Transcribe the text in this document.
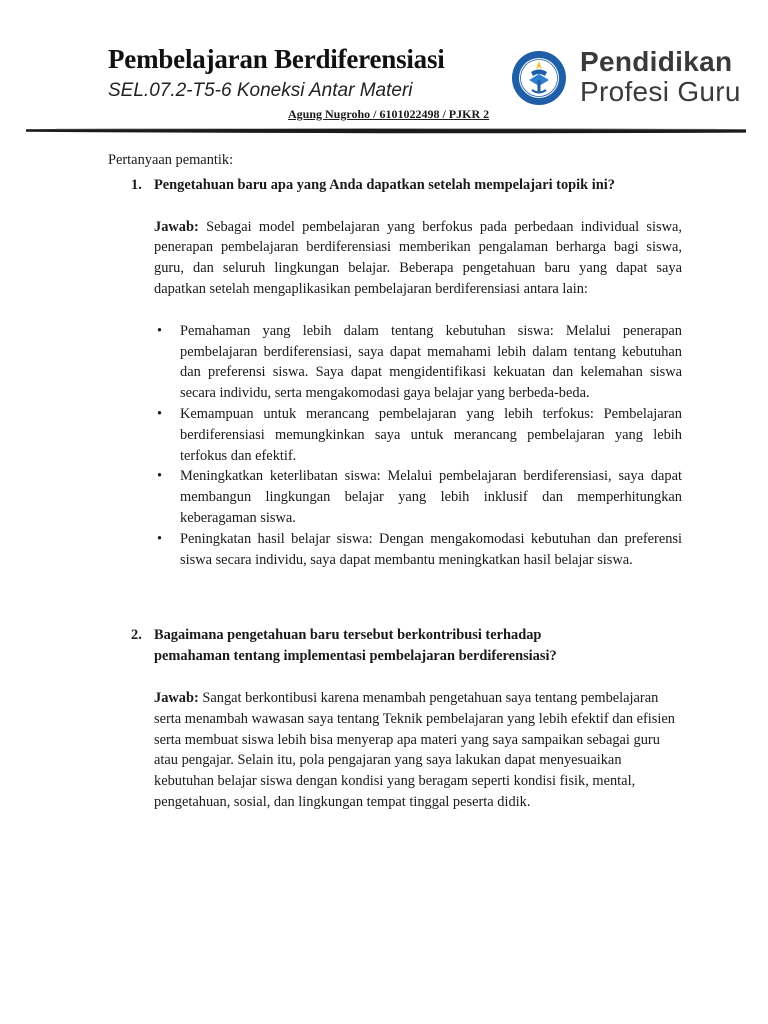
Pembelajaran Berdiferensiasi
SEL.07.2-T5-6 Koneksi Antar Materi
Agung Nugroho / 6101022498 / PJKR 2
Pendidikan
Profesi Guru
Pertanyaan pemantik:
1. Pengetahuan baru apa yang Anda dapatkan setelah mempelajari topik ini?
Jawab: Sebagai model pembelajaran yang berfokus pada perbedaan individual siswa, penerapan pembelajaran berdiferensiasi memberikan pengalaman berharga bagi siswa, guru, dan seluruh lingkungan belajar. Beberapa pengetahuan baru yang dapat saya dapatkan setelah mengaplikasikan pembelajaran berdiferensiasi antara lain:
• Pemahaman yang lebih dalam tentang kebutuhan siswa: Melalui penerapan pembelajaran berdiferensiasi, saya dapat memahami lebih dalam tentang kebutuhan dan preferensi siswa. Saya dapat mengidentifikasi kekuatan dan kelemahan siswa secara individu, serta mengakomodasi gaya belajar yang berbeda-beda.
• Kemampuan untuk merancang pembelajaran yang lebih terfokus: Pembelajaran berdiferensiasi memungkinkan saya untuk merancang pembelajaran yang lebih terfokus dan efektif.
• Meningkatkan keterlibatan siswa: Melalui pembelajaran berdiferensiasi, saya dapat membangun lingkungan belajar yang lebih inklusif dan memperhitungkan keberagaman siswa.
• Peningkatan hasil belajar siswa: Dengan mengakomodasi kebutuhan dan preferensi siswa secara individu, saya dapat membantu meningkatkan hasil belajar siswa.
2. Bagaimana pengetahuan baru tersebut berkontribusi terhadap
pemahaman tentang implementasi pembelajaran berdiferensiasi?
Jawab: Sangat berkontibusi karena menambah pengetahuan saya tentang pembelajaran serta menambah wawasan saya tentang Teknik pembelajaran yang lebih efektif dan efisien serta membuat siswa lebih bisa menyerap apa materi yang saya sampaikan sebagai guru atau pengajar. Selain itu, pola pengajaran yang saya lakukan dapat menyesuaikan kebutuhan belajar siswa dengan kondisi yang beragam seperti kondisi fisik, mental, pengetahuan, sosial, dan lingkungan tempat tinggal peserta didik.
